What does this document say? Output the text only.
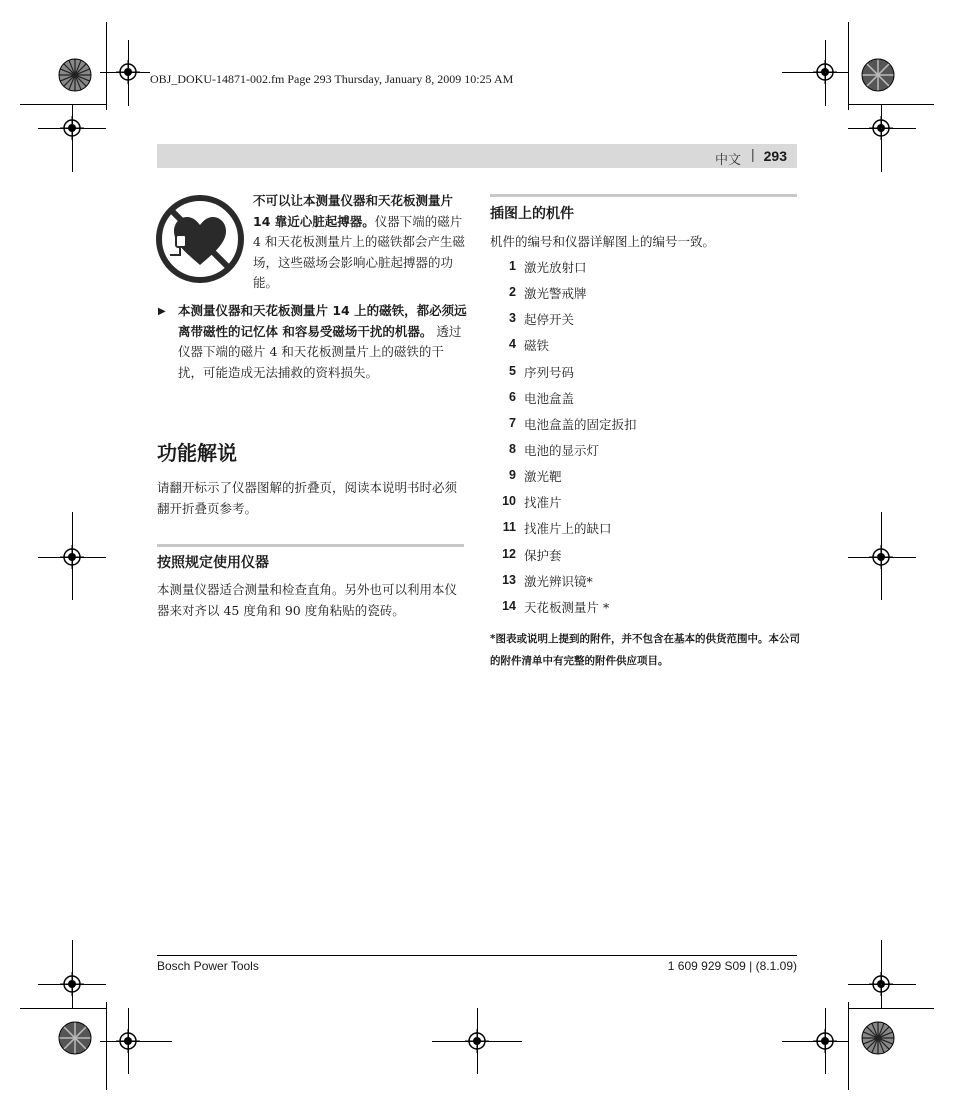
OBJ_DOKU-14871-002.fm Page 293 Thursday, January 8, 2009 10:25 AM
中文 | 293
不可以让本测量仪器和天花板测量片 14 靠近心脏起搏器。仪器下端的磁片 4 和天花板测量片上的磁铁都会产生磁场，这些磁场会影响心脏起搏器的功能。
▶ 本测量仪器和天花板测量片 14 上的磁铁，都必须远离带磁性的记忆体 和容易受磁场干扰的机器。 透过仪器下端的磁片 4 和天花板测量片上的磁铁的干扰，可能造成无法捕救的资料损失。
功能解说
请翻开标示了仪器图解的折叠页，阅读本说明书时必须翻开折叠页参考。
按照规定使用仪器
本测量仪器适合测量和检查直角。另外也可以利用本仪器来对齐以 45 度角和 90 度角粘贴的瓷砖。
插图上的机件
机件的编号和仪器详解图上的编号一致。
1 激光放射口
2 激光警戒牌
3 起停开关
4 磁铁
5 序列号码
6 电池盒盖
7 电池盒盖的固定扳扣
8 电池的显示灯
9 激光靶
10 找准片
11 找准片上的缺口
12 保护套
13 激光辨识镜*
14 天花板测量片 *
*图表或说明上提到的附件，并不包含在基本的供货范围中。本公司的附件清单中有完整的附件供应项目。
Bosch Power Tools	1 609 929 S09 | (8.1.09)
